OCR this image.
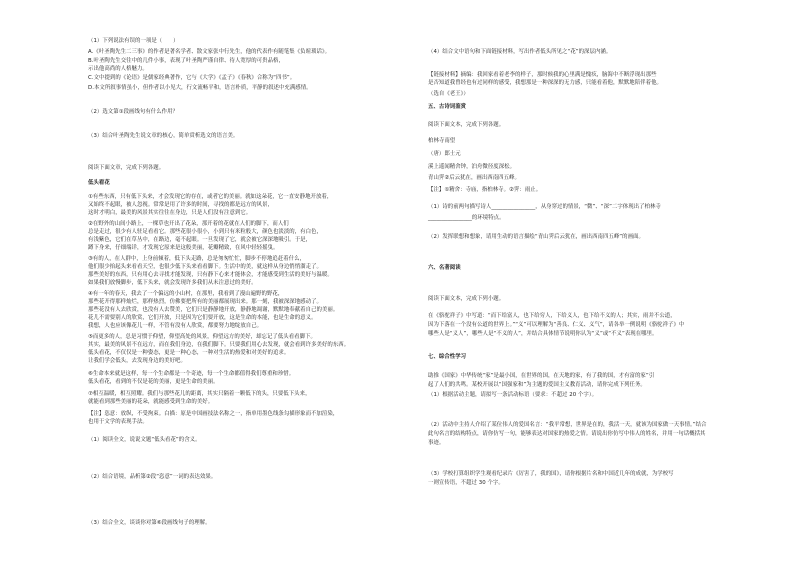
（1）下列说法有误的一项是（　　）
A.《叶圣陶先生二三事》的作者是著名学者、散文家张中行先生，他的代表作有随笔集《负暄琐话》。
B.叶圣陶先生交往中的几件小事，表现了叶圣陶严谨自律、待人宽厚的可贵品格，
示出他高尚的人格魅力。
C.文中提到的《论语》是儒家经典著作，它与《大学》《孟子》《春秋》合称为“四书”。
D.本文所叙事情虽小，但作者以小见大，行文流畅平和，语言朴质，平静的叙述中充满感情。
（2）选文第①段画线句有什么作用？
（3）结合叶圣陶先生说文章的核心，简单赏析选文的语言美。
阅读下面文章，完成下列各题。
低头看花
①有些东西，只有低下头来，才会发现它的存在，或者它的美丽。就如这朵花，它一直安静地开放着，
又始终不起眼，被人忽视。常常是用了许多的时间，寻找的都是远方的风景，
这时才明白，最美的风景其实往往在身边，只是人们没有注意到它。
②在野外的山间小路上，一棵草也开出了花朵，那开着的花就在人们的脚下，而人们
总是走过，很少有人驻足看看它。那些花很小很小，小到只有米粒般大，颜色也淡淡的，有白色，
有浅紫色，它们在草丛中，在路边，毫不起眼。一旦发现了它，就会被它深深地吸引。于是，
蹲下身来，仔细端详，才发现它原来是这般美丽，花瓣精致，在风中轻轻摇曳。
③有的人，在人群中，上身前倾着，低下头走路，总是匆匆忙忙，脚步不停地追赶着什么，
他们很少抬起头来看看天空，也很少低下头来看看脚下。生活中的美，就这样从身边悄悄溜走了。
那些美好的东西，只有用心去寻找才能发现，只有静下心来才能体会，才能感受到生活的美好与温暖。
如果我们放慢脚步，低下头来，就会发现许多我们从未注意过的美好。
④有一年的春天，我去了一个偏远的小山村，在那里，我看到了漫山遍野的野花，
那些花开得那样灿烂，那样热烈，仿佛要把所有的美丽都展现出来。那一刻，我被深深地感动了。
那些花没有人去欣赏，也没有人去赞美，它们只是静静地开放，静静地凋谢，默默地奉献着自己的美丽。
花儿不需要别人的欣赏，它们开放，只是因为它们要开放，这是生命的本能，也是生命的意义。
我想，人也应该像花儿一样，不管有没有人欣赏，都要努力地绽放自己。
⑤而更多的人，总是习惯于仰望，仰望高处的风景，仰望远方的美好，却忘记了低头看看脚下。
其实，最美的风景不在远方，而在我们身边，在我们脚下。只要我们用心去发现，就会看到许多美好的东西。
低头看花，不仅仅是一种姿态，更是一种心态，一种对生活的热爱和对美好的追求。
让我们学会低头，去发现身边的美好吧。
⑥生命本来就是这样，每一个生命都是一个奇迹，每一个生命都值得我们尊重和珍惜。
低头看花，看到的不仅是花的美丽，更是生命的美丽。
⑦相互温暖，相互照耀。我们与那些花儿的距离，其实只隔着一颗低下的头，只要低下头来，
就能看到那些美丽的花朵，就能感受到生命的美好。
【注】恣意：放纵，不受拘束。白描：原是中国画技法名称之一，指单用墨色线条勾描形象而不加渲染，
也用于文学的表现手法。
（1）阅读全文，说说文题“低头看花”的含义。
（2）结合语境，品析第②段“恣意”一词的表达效果。
（3）结合全文，谈谈你对第⑥段画线句子的理解。
（4）结合文中语句和下面链接材料，写出作者低头所见之“花”的深层内涵。
【链接材料】摘编：我回家看着老李的样子，那时候我的心里满是愧疚，脑海中不断浮现出那些
是否知道我曾经也有过同样的感受，我想那是一种深深的无力感，只能看着他，默默地陪伴着他。
（选自《老王》）
五、古诗词鉴赏
阅读下面文本，完成下列各题。
柏林寺南望
（唐）郎士元
溪上遥闻精舍钟，泊舟微径度深松。
青山霁②后云犹在，画出西南四五峰。
【注】①精舍：寺庙，指柏林寺。②霁：雨止。
（1）诗的前两句描写诗人________________，从身穿过的情景，“微”、“深”二字体现出了柏林寺
________________的环境特点。
（2）发挥联想和想象，请用生动的语言描绘“青山霁后云犹在，画出西南四五峰”的画面。
六、名著阅读
阅读下面文本，完成下列小题。
在《骆驼祥子》中写道：“而下给富人，也下给穷人，下给义人，也下给不义的人；其实，雨并不公道，
因为下落在一个没有公道的世界上。”“义”可以理解为“善良、仁义、义气”，请各举一例说明《骆驼祥子》中
哪些人是“义人”，哪些人是“不义的人”，并结合具体情节说明你认为“义”或“不义”表现在哪里。
七、综合性学习
助推《国家》中华传统“家”是最小国，在世界的国，在天地的家，有了我的国，才有富的家”引
起了人们的共鸣。某校开展以“国强家和”为主题的爱国主义教育活动，请你完成下列任务。
（1）根据活动主题，请拟写一条活动标语（要求：不超过 20 个字）。
（2）活动中主持人介绍了某位伟人的爱国名言：“我平常想，世界是在的，我活一天，就该为国家做一天事情。”结合
此句名言的结构特点，请你仿写一句，能够表达对国家的热爱之情。请说出你仿写中伟人的姓名，并用一句话概括其
事迹。
（3）学校打算组织学生观看纪录片《厉害了，我的国》，请你根据片名和中国近几年的成就，为学校写
一则宣传语，不超过 30 个字。
